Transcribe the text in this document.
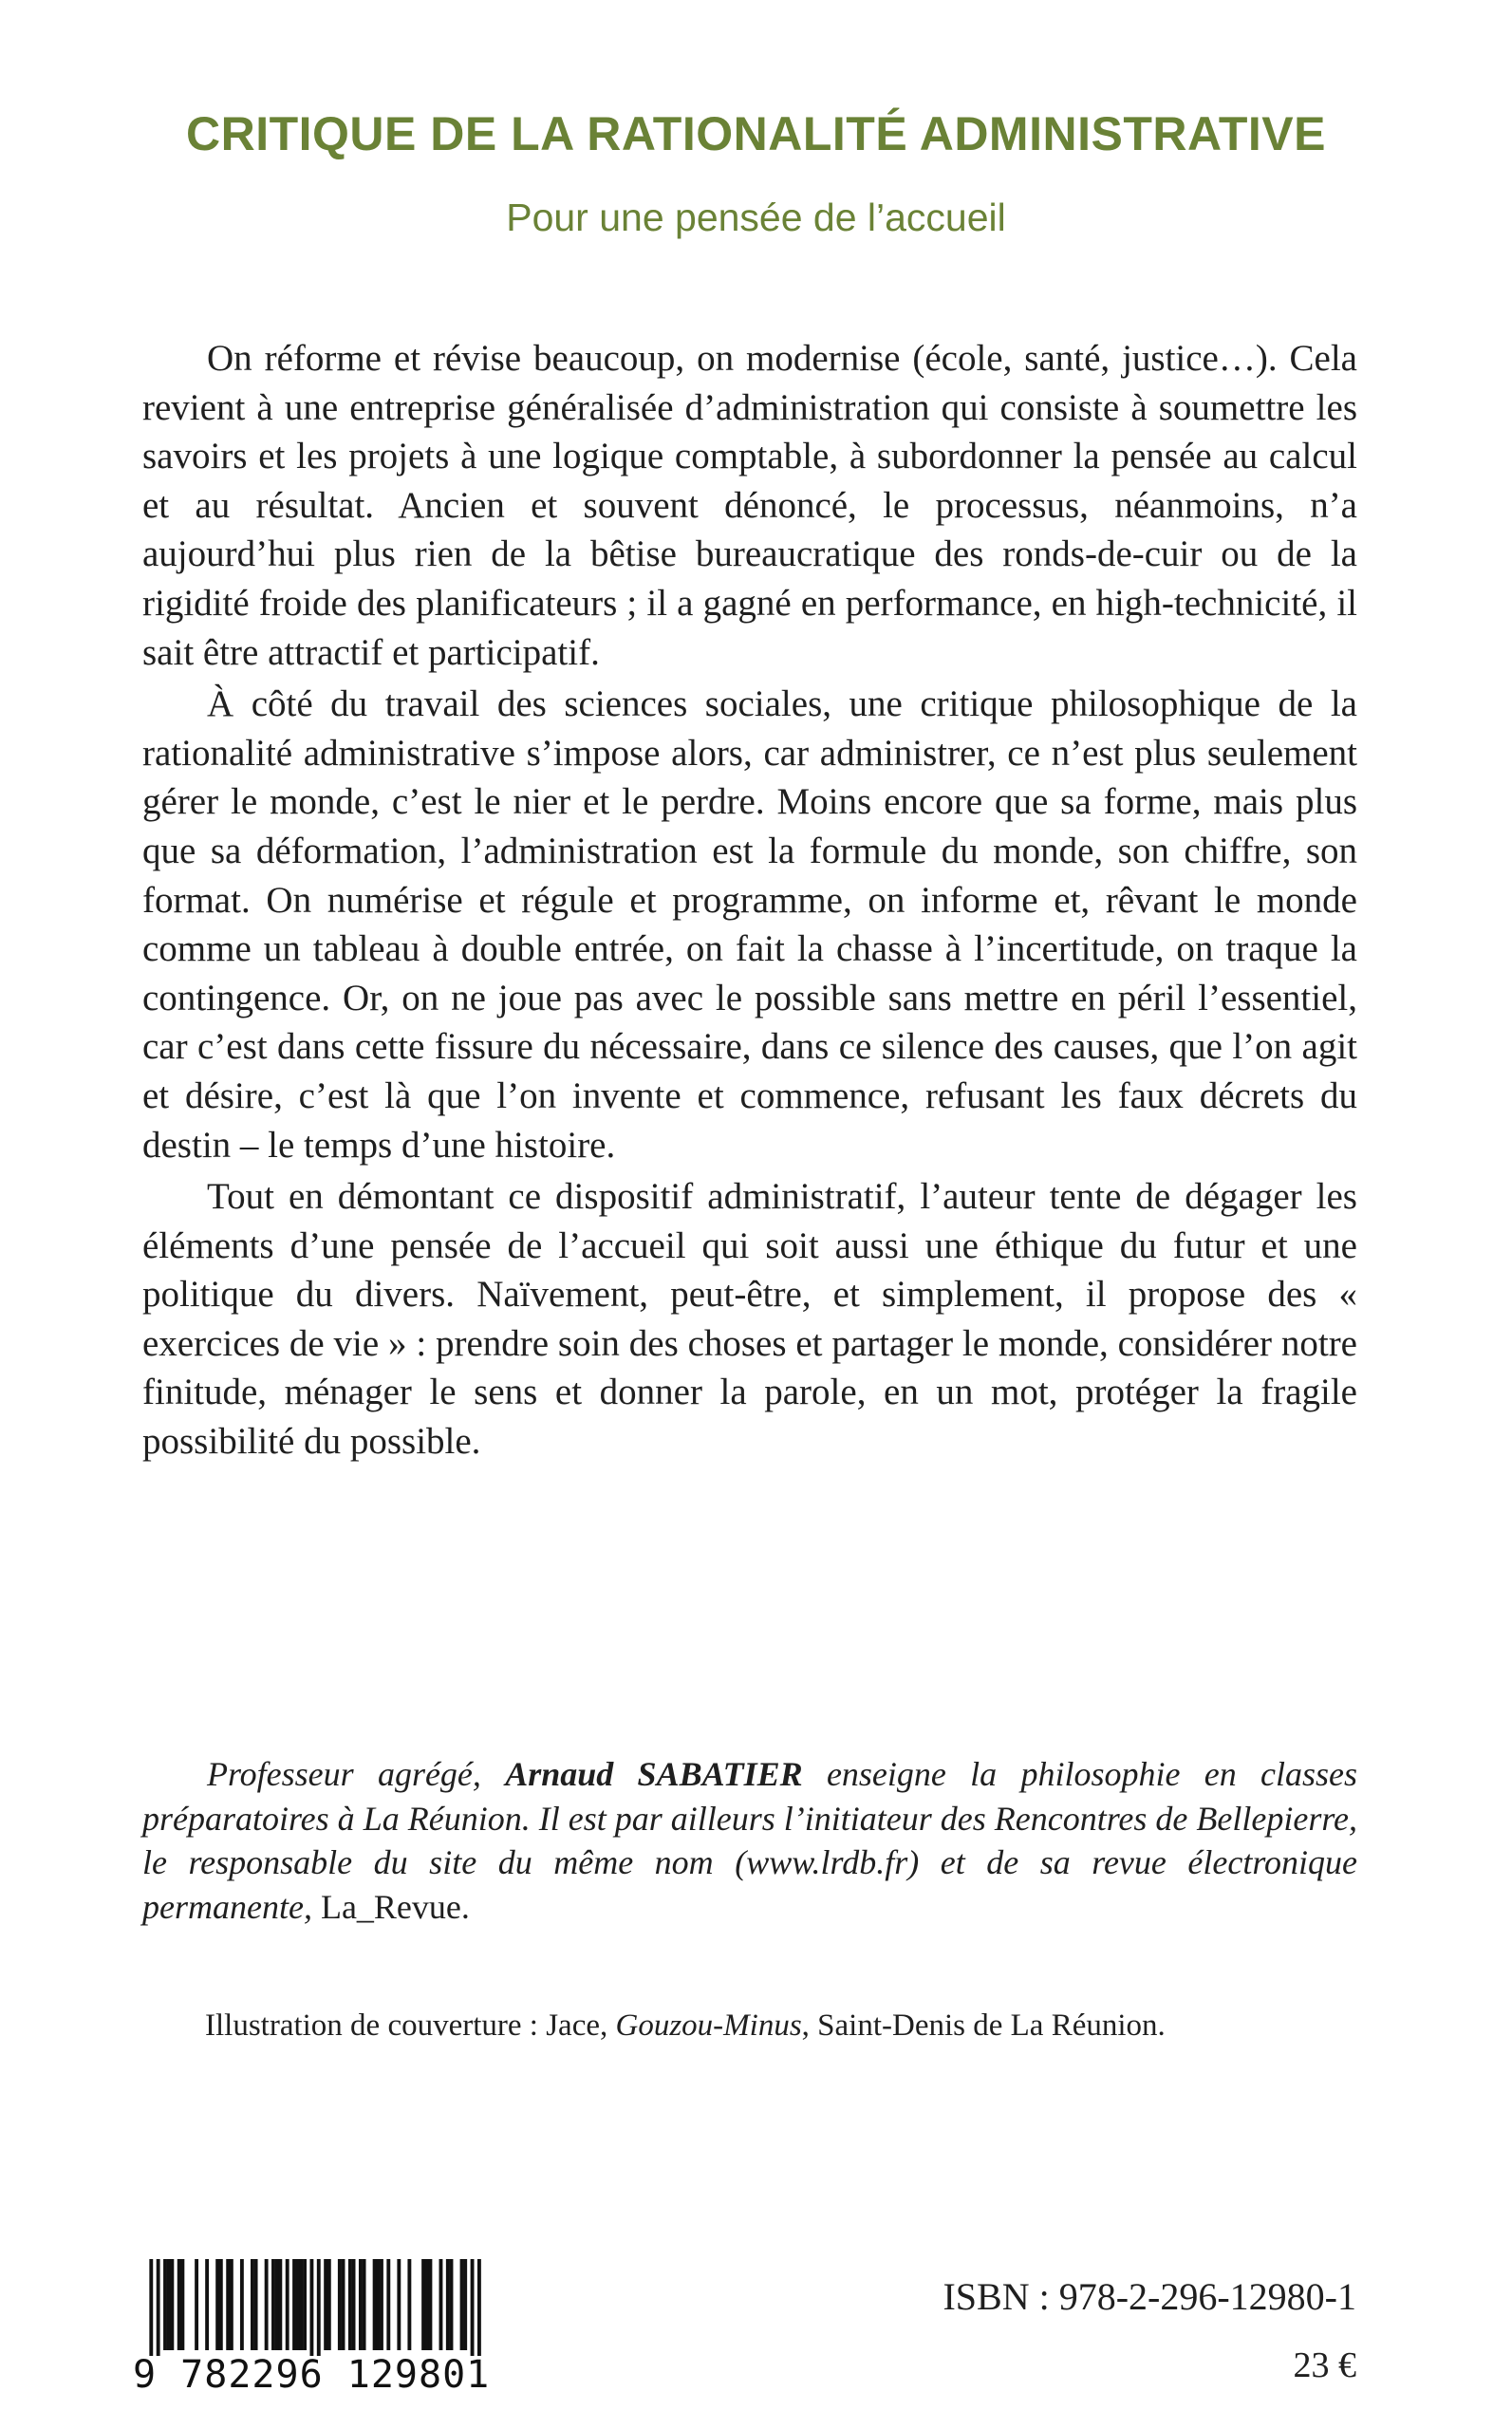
CRITIQUE DE LA RATIONALITÉ ADMINISTRATIVE
Pour une pensée de l’accueil

On réforme et révise beaucoup, on modernise (école, santé, justice…). Cela revient à une entreprise généralisée d’administration qui consiste à soumettre les savoirs et les projets à une logique comptable, à subordonner la pensée au calcul et au résultat. Ancien et souvent dénoncé, le processus, néanmoins, n’a aujourd’hui plus rien de la bêtise bureaucratique des ronds-de-cuir ou de la rigidité froide des planificateurs ; il a gagné en performance, en high-technicité, il sait être attractif et participatif.

À côté du travail des sciences sociales, une critique philosophique de la rationalité administrative s’impose alors, car administrer, ce n’est plus seulement gérer le monde, c’est le nier et le perdre. Moins encore que sa forme, mais plus que sa déformation, l’administration est la formule du monde, son chiffre, son format. On numérise et régule et programme, on informe et, rêvant le monde comme un tableau à double entrée, on fait la chasse à l’incertitude, on traque la contingence. Or, on ne joue pas avec le possible sans mettre en péril l’essentiel, car c’est dans cette fissure du nécessaire, dans ce silence des causes, que l’on agit et désire, c’est là que l’on invente et commence, refusant les faux décrets du destin – le temps d’une histoire.

Tout en démontant ce dispositif administratif, l’auteur tente de dégager les éléments d’une pensée de l’accueil qui soit aussi une éthique du futur et une politique du divers. Naïvement, peut-être, et simplement, il propose des « exercices de vie » : prendre soin des choses et partager le monde, considérer notre finitude, ménager le sens et donner la parole, en un mot, protéger la fragile possibilité du possible.

Professeur agrégé, Arnaud SABATIER enseigne la philosophie en classes préparatoires à La Réunion. Il est par ailleurs l’initiateur des Rencontres de Bellepierre, le responsable du site du même nom (www.lrdb.fr) et de sa revue électronique permanente, La_Revue.

Illustration de couverture : Jace, Gouzou-Minus, Saint-Denis de La Réunion.
9 782296 129801
ISBN : 978-2-296-12980-1
23 €
